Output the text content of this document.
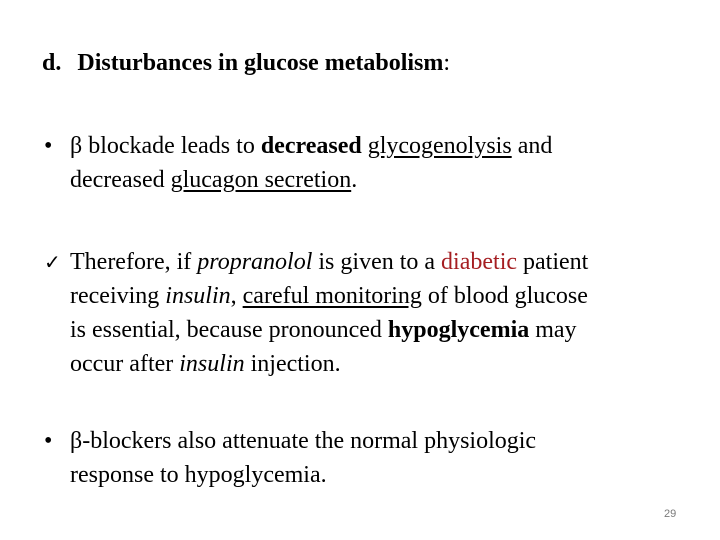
d. Disturbances in glucose metabolism:
• β blockade leads to decreased glycogenolysis and
decreased glucagon secretion.
✓ Therefore, if propranolol is given to a diabetic patient
receiving insulin, careful monitoring of blood glucose
is essential, because pronounced hypoglycemia may
occur after insulin injection.
• β-blockers also attenuate the normal physiologic
response to hypoglycemia.
29
